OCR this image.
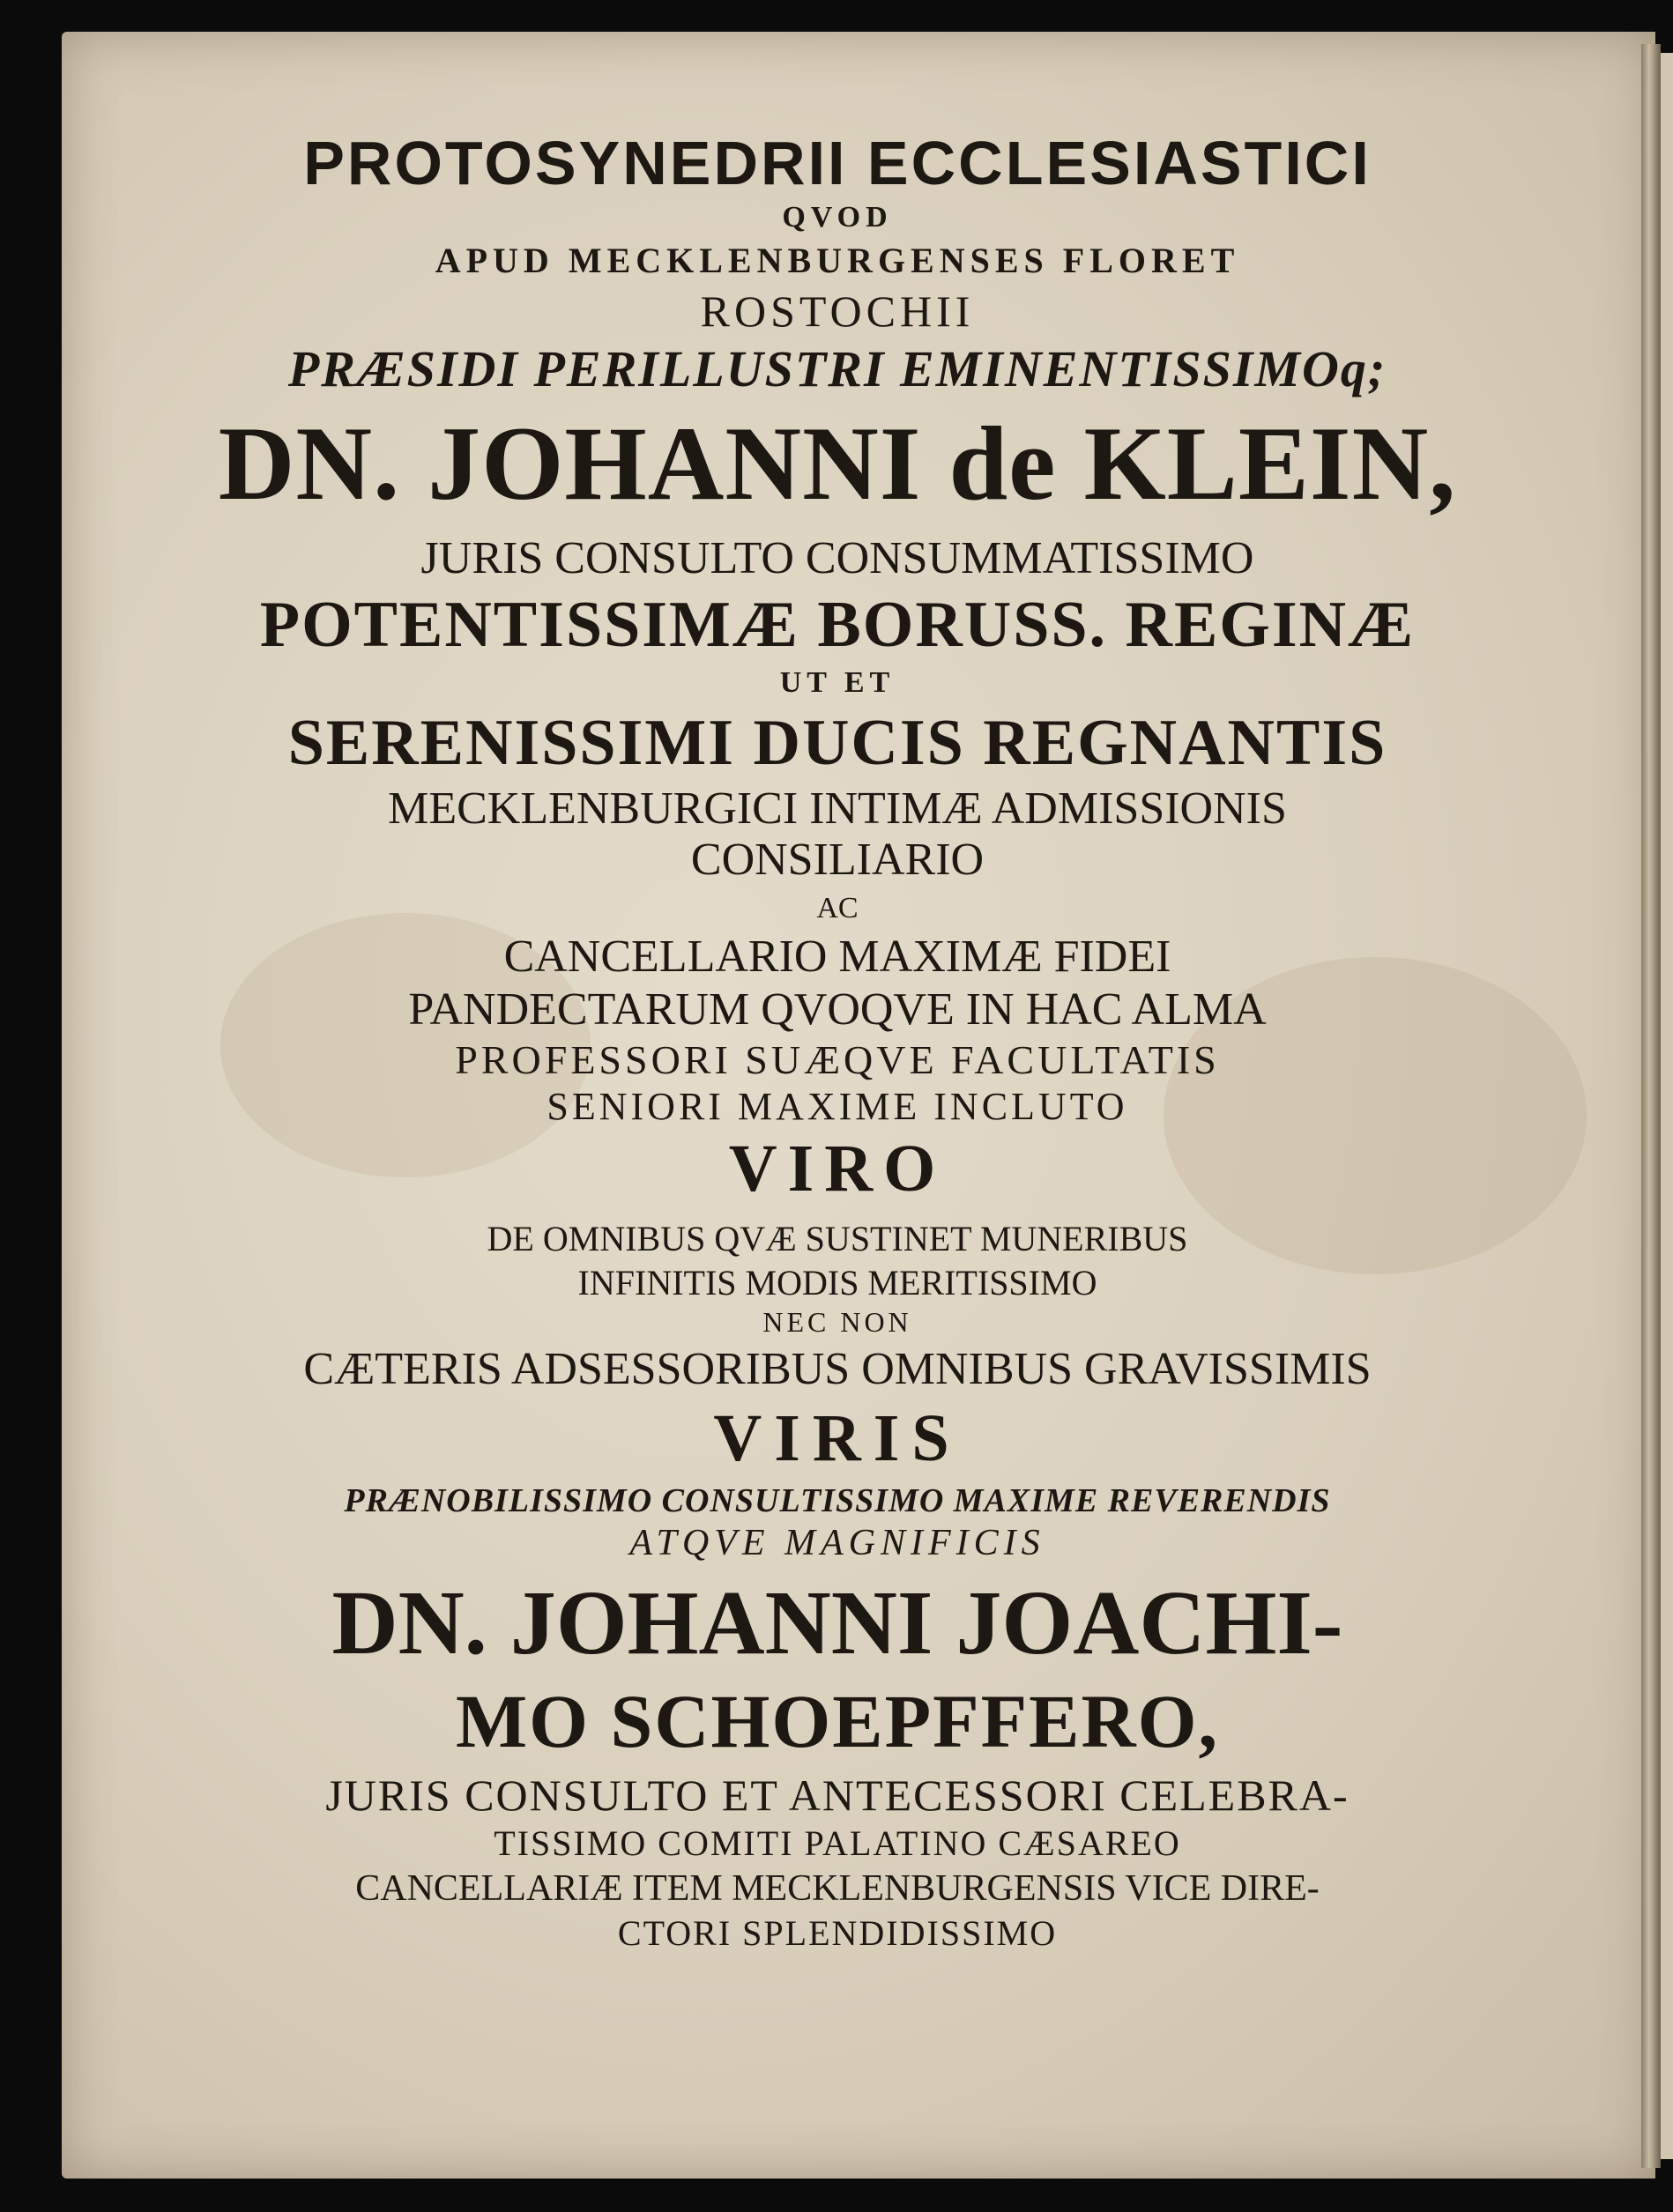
PROTOSYNEDRII ECCLESIASTICI

QVOD

APUD MECKLENBURGENSES FLORET

ROSTOCHII

PRÆSIDI PERILLUSTRI EMINENTISSIMOq;

DN. JOHANNI de KLEIN,

JURIS CONSULTO CONSUMMATISSIMO

POTENTISSIMÆ BORUSS. REGINÆ

UT ET

SERENISSIMI DUCIS REGNANTIS

MECKLENBURGICI INTIMÆ ADMISSIONIS

CONSILIARIO

AC

CANCELLARIO MAXIMÆ FIDEI

PANDECTARUM QVOQVE IN HAC ALMA

PROFESSORI SUÆQVE FACULTATIS

SENIORI MAXIME INCLUTO

VIRO

DE OMNIBUS QVÆ SUSTINET MUNERIBUS

INFINITIS MODIS MERITISSIMO

NEC NON

CÆTERIS ADSESSORIBUS OMNIBUS GRAVISSIMIS

VIRIS

PRÆNOBILISSIMO CONSULTISSIMO MAXIME REVERENDIS

ATQVE MAGNIFICIS

DN. JOHANNI JOACHI-

MO SCHOEPFFERO,

JURIS CONSULTO ET ANTECESSORI CELEBRA-

TISSIMO COMITI PALATINO CÆSAREO

CANCELLARIÆ ITEM MECKLENBURGENSIS VICE DIRE-

CTORI SPLENDIDISSIMO
